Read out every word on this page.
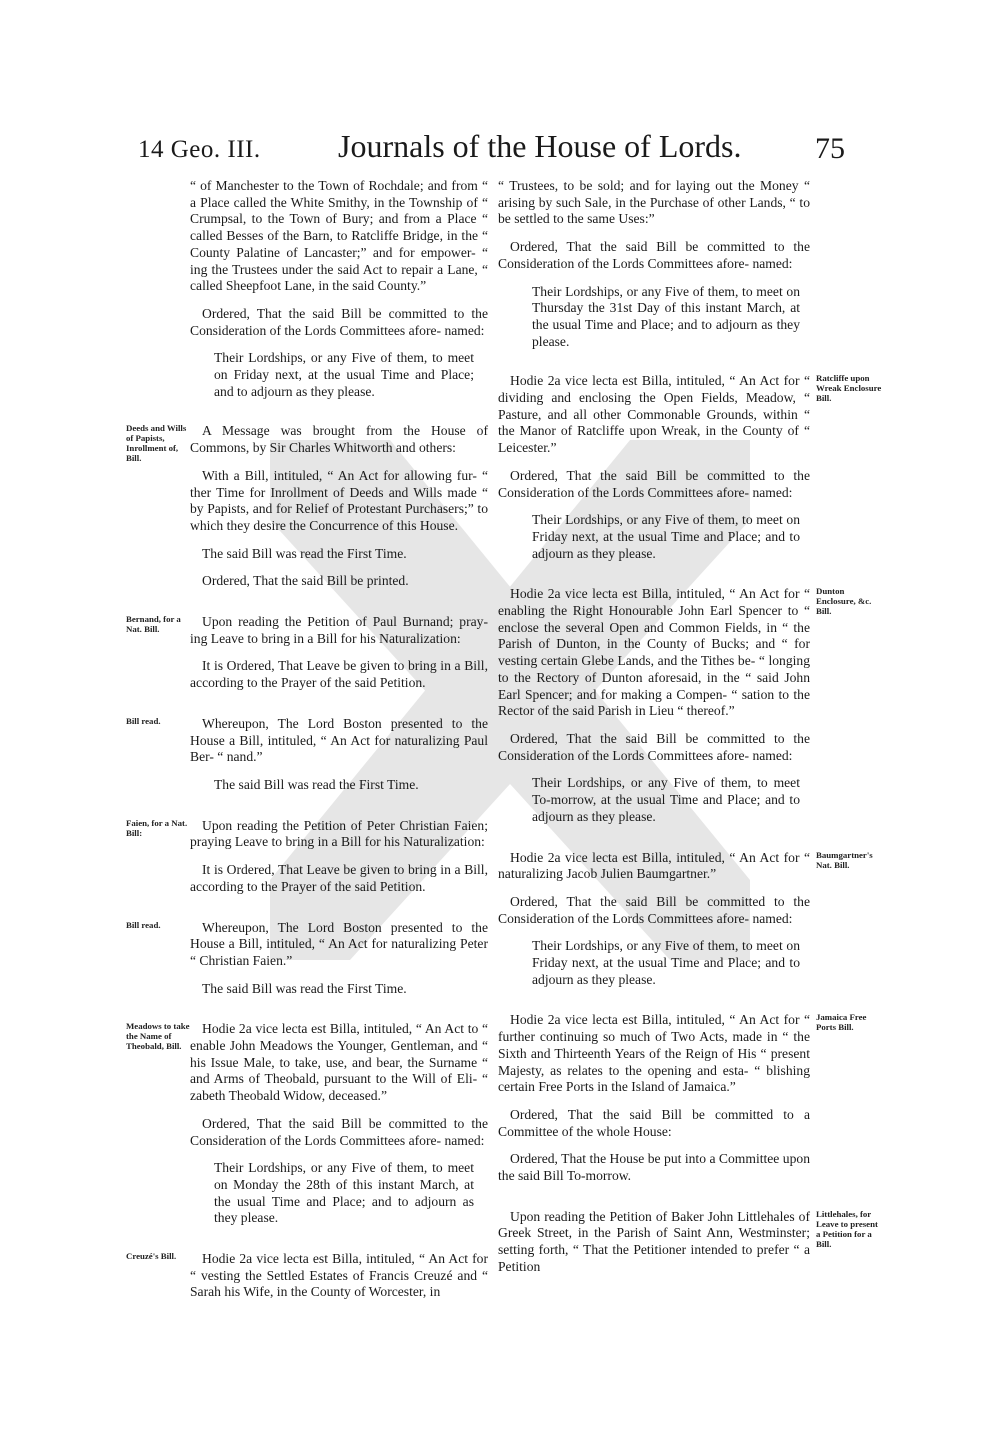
14 Geo. III. Journals of the House of Lords. 75

“ of Manchester to the Town of Rochdale; and from “ a Place called the White Smithy, in the Township of “ Crumpsal, to the Town of Bury; and from a Place “ called Besses of the Barn, to Ratcliffe Bridge, in the “ County Palatine of Lancaster;” and for empower- “ ing the Trustees under the said Act to repair a Lane, “ called Sheepfoot Lane, in the said County.”

Ordered, That the said Bill be committed to the Consideration of the Lords Committees afore- named:

Their Lordships, or any Five of them, to meet on Friday next, at the usual Time and Place; and to adjourn as they please.

Deeds and Wills of Papists, Inrollment of, Bill.

A Message was brought from the House of Commons, by Sir Charles Whitworth and others:

With a Bill, intituled, “ An Act for allowing fur- “ ther Time for Inrollment of Deeds and Wills made “ by Papists, and for Relief of Protestant Purchasers;” to which they desire the Concurrence of this House.

The said Bill was read the First Time.

Ordered, That the said Bill be printed.

Bernand, for a Nat. Bill.	Upon reading the Petition of Paul Burnand; pray- ing Leave to bring in a Bill for his Naturalization:

It is Ordered, That Leave be given to bring in a Bill, according to the Prayer of the said Petition.

Bill read.	Whereupon, The Lord Boston presented to the House a Bill, intituled, “ An Act for naturalizing Paul Ber- “ nand.”

The said Bill was read the First Time.

Faien, for a Nat. Bill:	Upon reading the Petition of Peter Christian Faien; praying Leave to bring in a Bill for his Naturalization:

It is Ordered, That Leave be given to bring in a Bill, according to the Prayer of the said Petition.

Bill read.	Whereupon, The Lord Boston presented to the House a Bill, intituled, “ An Act for naturalizing Peter “ Christian Faien.”

The said Bill was read the First Time.

Meadows to take the Name of Theobald, Bill.

Hodie 2a vice lecta est Billa, intituled, “ An Act to “ enable John Meadows the Younger, Gentleman, and “ his Issue Male, to take, use, and bear, the Surname “ and Arms of Theobald, pursuant to the Will of Eli- “ zabeth Theobald Widow, deceased.”

Ordered, That the said Bill be committed to the Consideration of the Lords Committees afore- named:

Their Lordships, or any Five of them, to meet on Monday the 28th of this instant March, at the usual Time and Place; and to adjourn as they please.

Creuzé's Bill.	Hodie 2a vice lecta est Billa, intituled, “ An Act for “ vesting the Settled Estates of Francis Creuzé and “ Sarah his Wife, in the County of Worcester, in

“ Trustees, to be sold; and for laying out the Money “ arising by such Sale, in the Purchase of other Lands, “ to be settled to the same Uses:”

Ordered, That the said Bill be committed to the Consideration of the Lords Committees afore- named:

Their Lordships, or any Five of them, to meet on Thursday the 31st Day of this instant March, at the usual Time and Place; and to adjourn as they please.

Ratcliffe upon Wreak Enclosure Bill.

Hodie 2a vice lecta est Billa, intituled, “ An Act for “ dividing and enclosing the Open Fields, Meadow, “ Pasture, and all other Commonable Grounds, within “ the Manor of Ratcliffe upon Wreak, in the County of “ Leicester.”

Ordered, That the said Bill be committed to the Consideration of the Lords Committees afore- named:

Their Lordships, or any Five of them, to meet on Friday next, at the usual Time and Place; and to adjourn as they please.

Dunton Enclosure, &c. Bill.

Hodie 2a vice lecta est Billa, intituled, “ An Act for “ enabling the Right Honourable John Earl Spencer to “ enclose the several Open and Common Fields, in “ the Parish of Dunton, in the County of Bucks; and “ for vesting certain Glebe Lands, and the Tithes be- “ longing to the Rectory of Dunton aforesaid, in the “ said John Earl Spencer; and for making a Compen- “ sation to the Rector of the said Parish in Lieu “ thereof.”

Ordered, That the said Bill be committed to the Consideration of the Lords Committees afore- named:

Their Lordships, or any Five of them, to meet To-morrow, at the usual Time and Place; and to adjourn as they please.

Baumgartner's Nat. Bill.

Hodie 2a vice lecta est Billa, intituled, “ An Act for “ naturalizing Jacob Julien Baumgartner.”

Ordered, That the said Bill be committed to the Consideration of the Lords Committees afore- named:

Their Lordships, or any Five of them, to meet on Friday next, at the usual Time and Place; and to adjourn as they please.

Jamaica Free Ports Bill.

Hodie 2a vice lecta est Billa, intituled, “ An Act for “ further continuing so much of Two Acts, made in “ the Sixth and Thirteenth Years of the Reign of His “ present Majesty, as relates to the opening and esta- “ blishing certain Free Ports in the Island of Jamaica.”

Ordered, That the said Bill be committed to a Committee of the whole House:

Ordered, That the House be put into a Committee upon the said Bill To-morrow.

Littlehales, for Leave to present a Petition for a Bill.

Upon reading the Petition of Baker John Littlehales of Greek Street, in the Parish of Saint Ann, Westminster; setting forth, “ That the Petitioner intended to prefer “ a Petition
